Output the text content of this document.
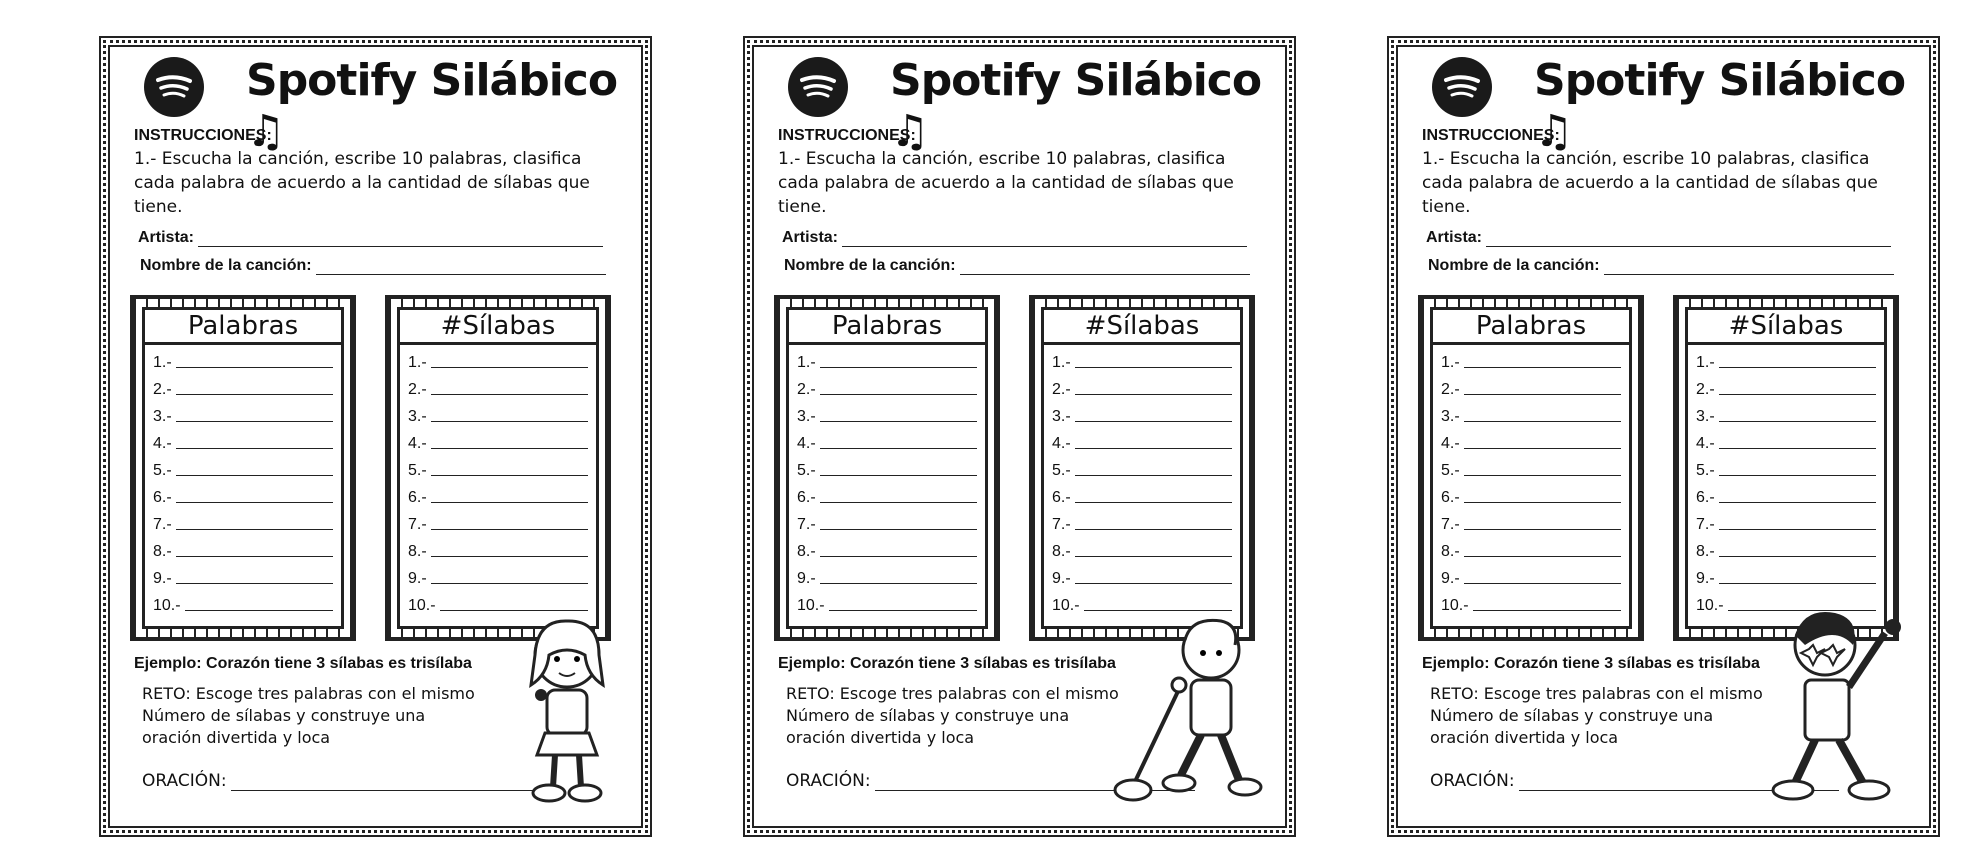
Spotify Silábico ♫
INSTRUCCIONES:
1.- Escucha la canción, escribe 10 palabras, clasifica cada palabra de acuerdo a la cantidad de sílabas que tiene.
Artista:
Nombre de la canción:
Palabras
1.-
2.-
3.-
4.-
5.-
6.-
7.-
8.-
9.-
10.-
#Sílabas
1.-
2.-
3.-
4.-
5.-
6.-
7.-
8.-
9.-
10.-
Ejemplo: Corazón tiene 3 sílabas es trisílaba
RETO: Escoge tres palabras con el mismo Número de sílabas y construye una oración divertida y loca
ORACIÓN:
Spotify Silábico ♫
INSTRUCCIONES:
1.- Escucha la canción, escribe 10 palabras, clasifica cada palabra de acuerdo a la cantidad de sílabas que tiene.
Artista:
Nombre de la canción:
Palabras
1.-
2.-
3.-
4.-
5.-
6.-
7.-
8.-
9.-
10.-
#Sílabas
1.-
2.-
3.-
4.-
5.-
6.-
7.-
8.-
9.-
10.-
Ejemplo: Corazón tiene 3 sílabas es trisílaba
RETO: Escoge tres palabras con el mismo Número de sílabas y construye una oración divertida y loca
ORACIÓN:
Spotify Silábico ♫
INSTRUCCIONES:
1.- Escucha la canción, escribe 10 palabras, clasifica cada palabra de acuerdo a la cantidad de sílabas que tiene.
Artista:
Nombre de la canción:
Palabras
1.-
2.-
3.-
4.-
5.-
6.-
7.-
8.-
9.-
10.-
#Sílabas
1.-
2.-
3.-
4.-
5.-
6.-
7.-
8.-
9.-
10.-
Ejemplo: Corazón tiene 3 sílabas es trisílaba
RETO: Escoge tres palabras con el mismo Número de sílabas y construye una oración divertida y loca
ORACIÓN:
